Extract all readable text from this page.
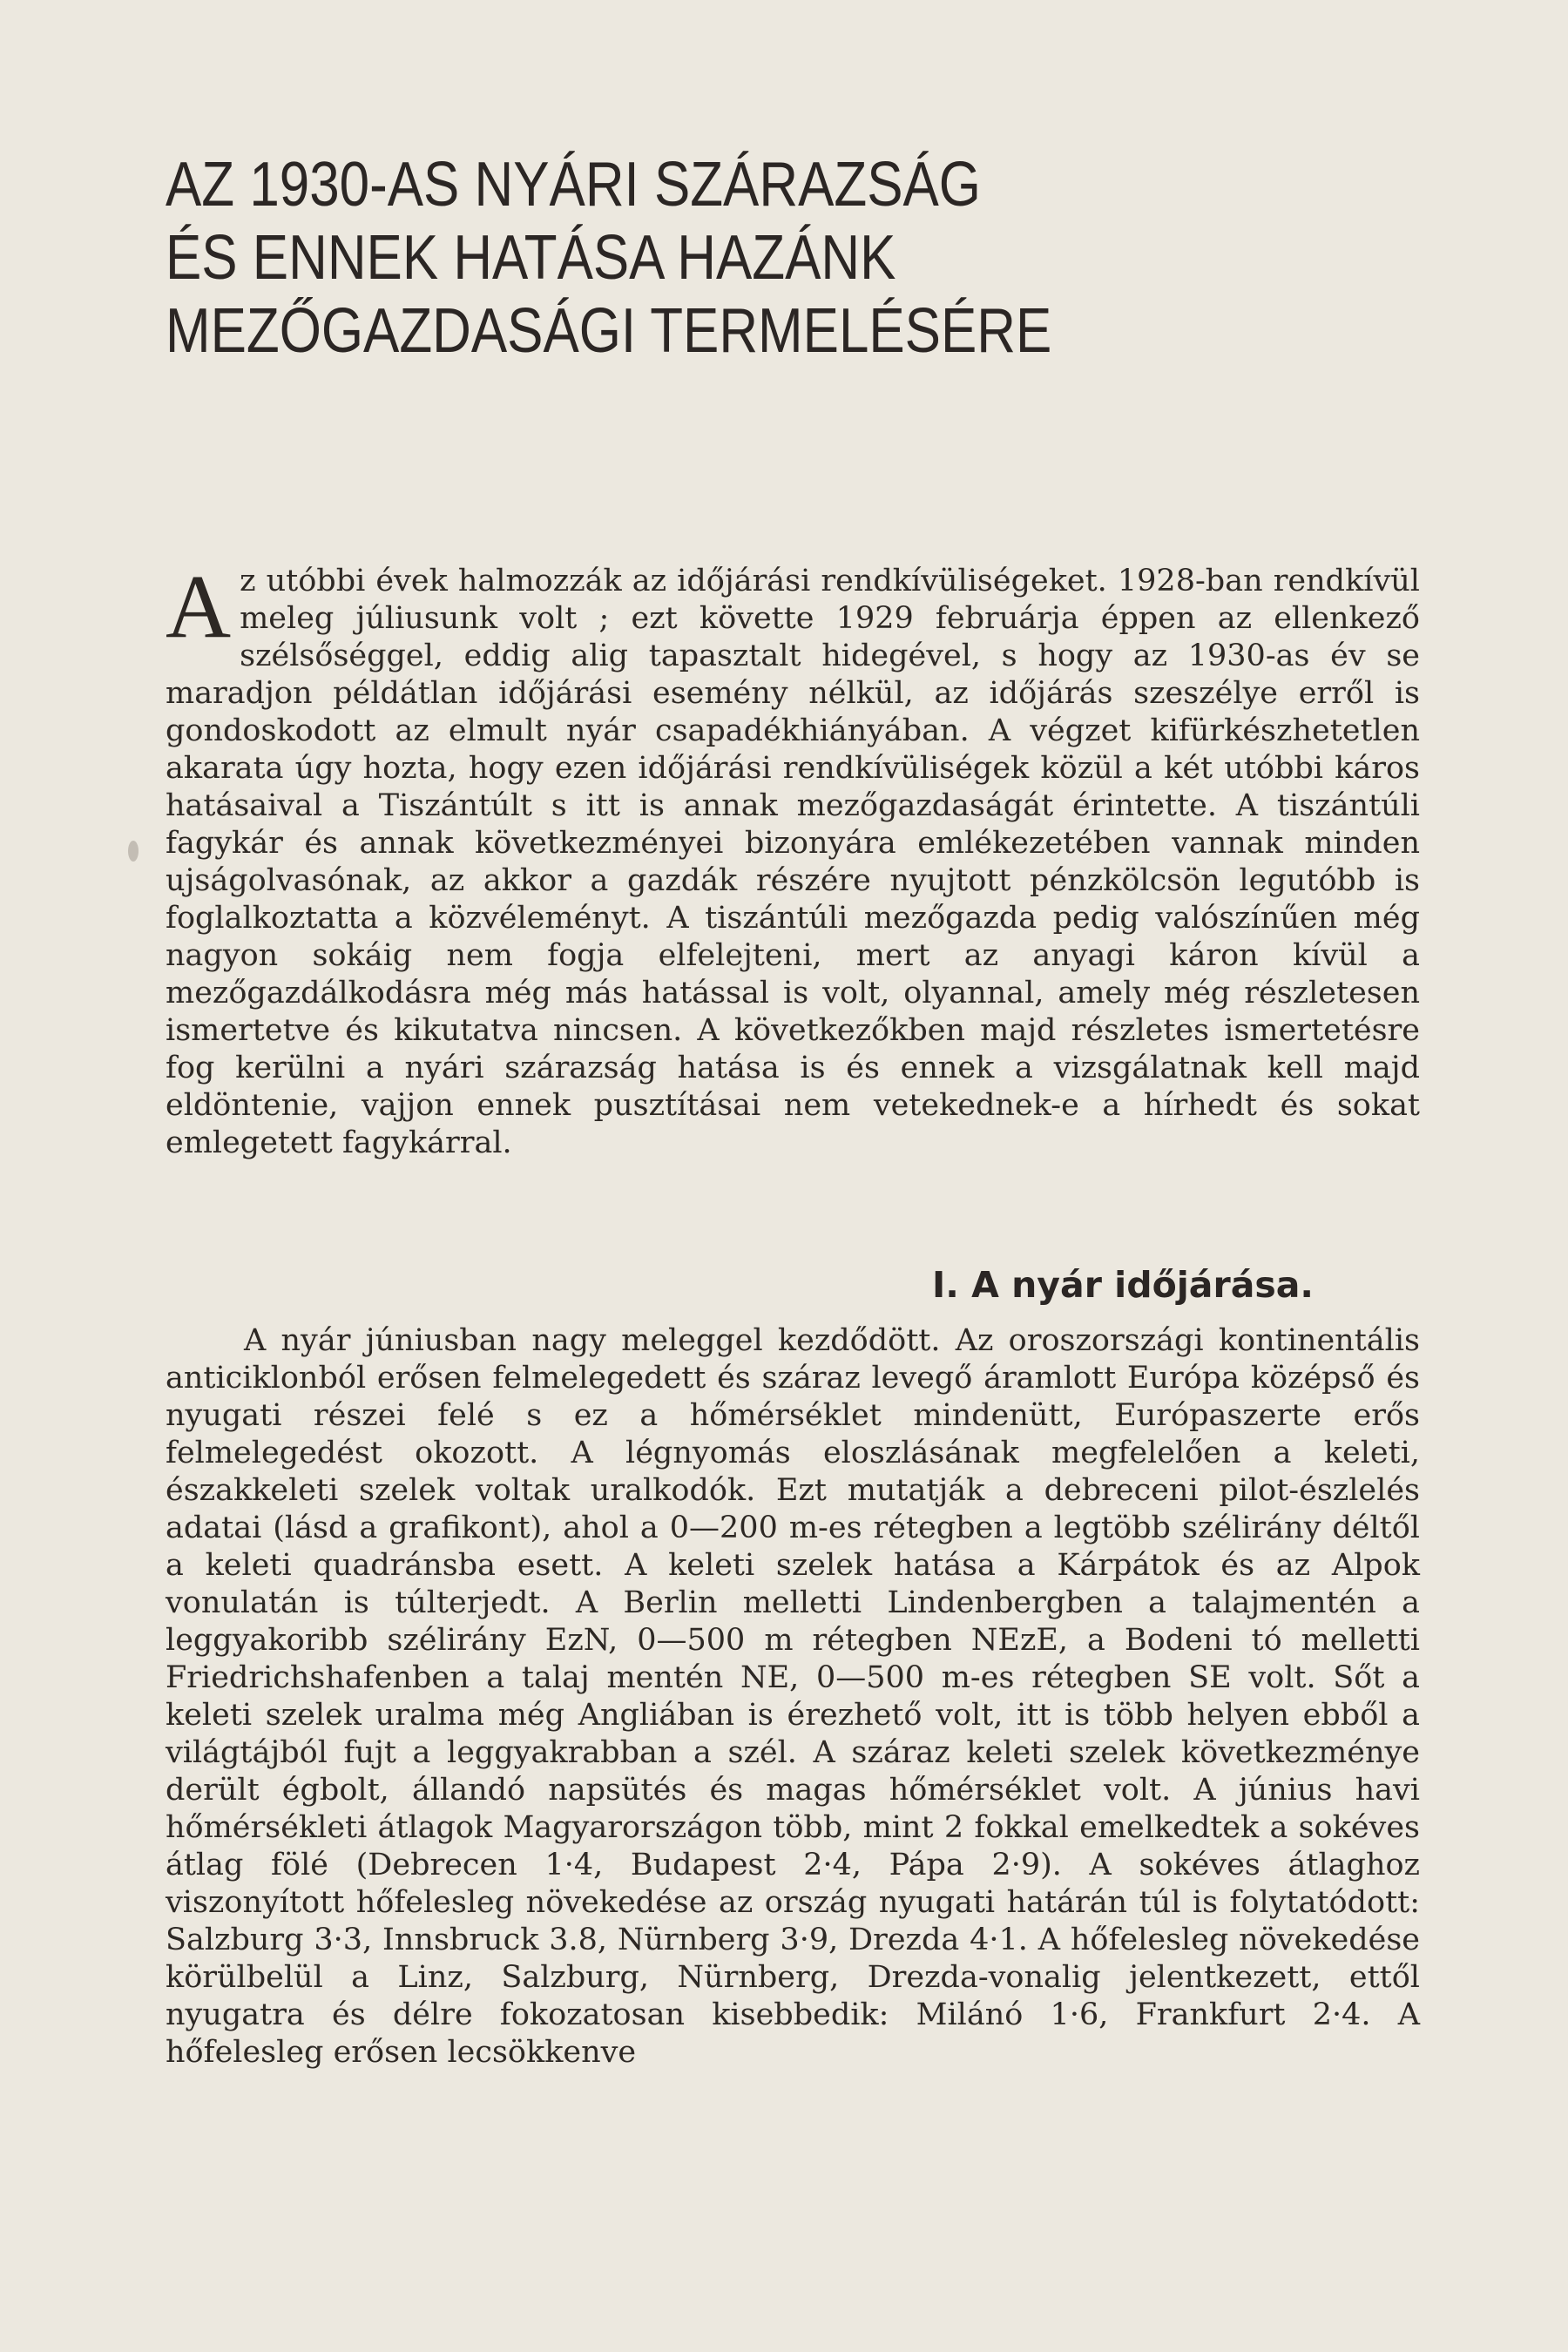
AZ 1930-AS NYÁRI SZÁRAZSÁG
ÉS ENNEK HATÁSA HAZÁNK
MEZŐGAZDASÁGI TERMELÉSÉRE

A z utóbbi évek halmozzák az időjárási rendkívüliségeket. 1928-ban rendkívül meleg júliusunk volt ; ezt követte 1929 februárja éppen az ellenkező szélsőséggel, eddig alig tapasztalt hidegével, s hogy az 1930-as év se maradjon példátlan időjárási esemény nélkül, az időjárás szeszélye erről is gondoskodott az elmult nyár csapadékhiányában. A végzet kifürkészhetetlen akarata úgy hozta, hogy ezen időjárási rendkívüliségek közül a két utóbbi káros hatásaival a Tiszántúlt s itt is annak mezőgazdaságát érintette. A tiszántúli fagykár és annak következményei bizonyára emlékezetében vannak minden ujságolvasónak, az akkor a gazdák részére nyujtott pénzkölcsön legutóbb is foglalkoztatta a közvéleményt. A tiszántúli mezőgazda pedig valószínűen még nagyon sokáig nem fogja elfelejteni, mert az anyagi káron kívül a mezőgazdálkodásra még más hatással is volt, olyannal, amely még részletesen ismertetve és kikutatva nincsen. A következőkben majd részletes ismertetésre fog kerülni a nyári szárazság hatása is és ennek a vizsgálatnak kell majd eldöntenie, vajjon ennek pusztításai nem vetekednek-e a hírhedt és sokat emlegetett fagykárral.

I. A nyár időjárása.

A nyár júniusban nagy meleggel kezdődött. Az oroszországi kontinentális anticiklonból erősen felmelegedett és száraz levegő áramlott Európa középső és nyugati részei felé s ez a hőmérséklet mindenütt, Európaszerte erős felmelegedést okozott. A légnyomás eloszlásának megfelelően a keleti, északkeleti szelek voltak uralkodók. Ezt mutatják a debreceni pilot-észlelés adatai (lásd a grafikont), ahol a 0—200 m-es rétegben a legtöbb szélirány déltől a keleti quadránsba esett. A keleti szelek hatása a Kárpátok és az Alpok vonulatán is túlterjedt. A Berlin melletti Lindenbergben a talajmentén a leggyakoribb szélirány EzN, 0—500 m rétegben NEzE, a Bodeni tó melletti Friedrichshafenben a talaj mentén NE, 0—500 m-es rétegben SE volt. Sőt a keleti szelek uralma még Angliában is érezhető volt, itt is több helyen ebből a világtájból fujt a leggyakrabban a szél. A száraz keleti szelek következménye derült égbolt, állandó napsütés és magas hőmérséklet volt. A június havi hőmérsékleti átlagok Magyarországon több, mint 2 fokkal emelkedtek a sokéves átlag fölé (Debrecen 1·4, Budapest 2·4, Pápa 2·9). A sokéves átlaghoz viszonyított hőfelesleg növekedése az ország nyugati határán túl is folytatódott: Salzburg 3·3, Innsbruck 3.8, Nürnberg 3·9, Drezda 4·1. A hőfelesleg növekedése körülbelül a Linz, Salzburg, Nürnberg, Drezda-vonalig jelentkezett, ettől nyugatra és délre fokozatosan kisebbedik: Milánó 1·6, Frankfurt 2·4. A hőfelesleg erősen lecsökkenve
